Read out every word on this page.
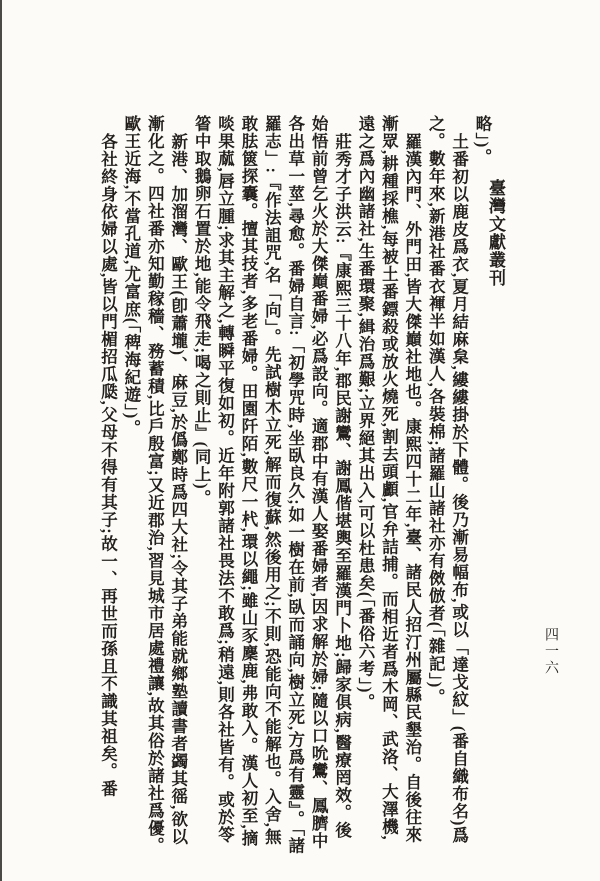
臺灣文獻叢刊
四一六

略」)。

土番初以鹿皮爲衣,夏月結麻枲,縷縷掛於下體。後乃漸易幅布,或以「達戈紋」(番自織布名)爲之。數年來,新港社番衣褌半如漢人,各裝棉;諸羅山諸社亦有傚倣者(「雜記」)。

羅漢內門、外門田,皆大傑巔社地也。康熙四十二年,臺、諸民人招汀州屬縣民墾治。自後往來漸眾,耕種採樵,每被土番鏢殺或放火燒死,割去頭顱,官弁詰捕。而相近者爲木岡、武洛、大澤機,遠之爲內幽諸社,生番環聚,緝治爲艱;立界絕其出入,可以杜患矣(「番俗六考」)。

莊秀才子洪云:『康熙三十八年,郡民謝鸞、謝鳳偕堪輿至羅漢門卜地;歸家俱病,醫療罔效。後始悟前曾乞火於大傑巔番婦,必爲設向。適郡中有漢人娶番婦者,因求解於婦;隨以口吮鸞、鳳臍中各出草一莖,尋愈。番婦自言:「初學咒時,坐臥良久;如一樹在前,臥而誦向,樹立死,方爲有靈』。「諸羅志」:『作法詛咒,名「向」。先試樹木立死,解而復蘇,然後用之;不則,恐能向不能解也。入舍,無敢胠篋探囊。擅其技者,多老番婦。田園阡陌,數尺一杙,環以繩;雖山豕麇鹿,弗敢入。漢人初至,摘啖果蓏,唇立腫;求其主解之,轉瞬平復如初。近年附郭諸社畏法不敢爲;稍遠,則各社皆有。或於笭箵中取鵝卵石置於地,能令飛走;喝之則止』(同上)。

新港、加溜灣、歐王(卽蕭壠)、麻豆,於僞鄭時爲四大社;令其子弟能就鄉塾讀書者蠲其徭,欲以漸化之。四社番亦知勤稼穡、務蓄積,比戶殷富;又近郡治,習見城市居處禮讓,故其俗於諸社爲優。歐王近海,不當孔道,尤富庶(「稗海紀遊」)。

各社終身依婦以處,皆以門楣招瓜瓞,父母不得有其子;故一、再世而孫且不識其祖矣。番
